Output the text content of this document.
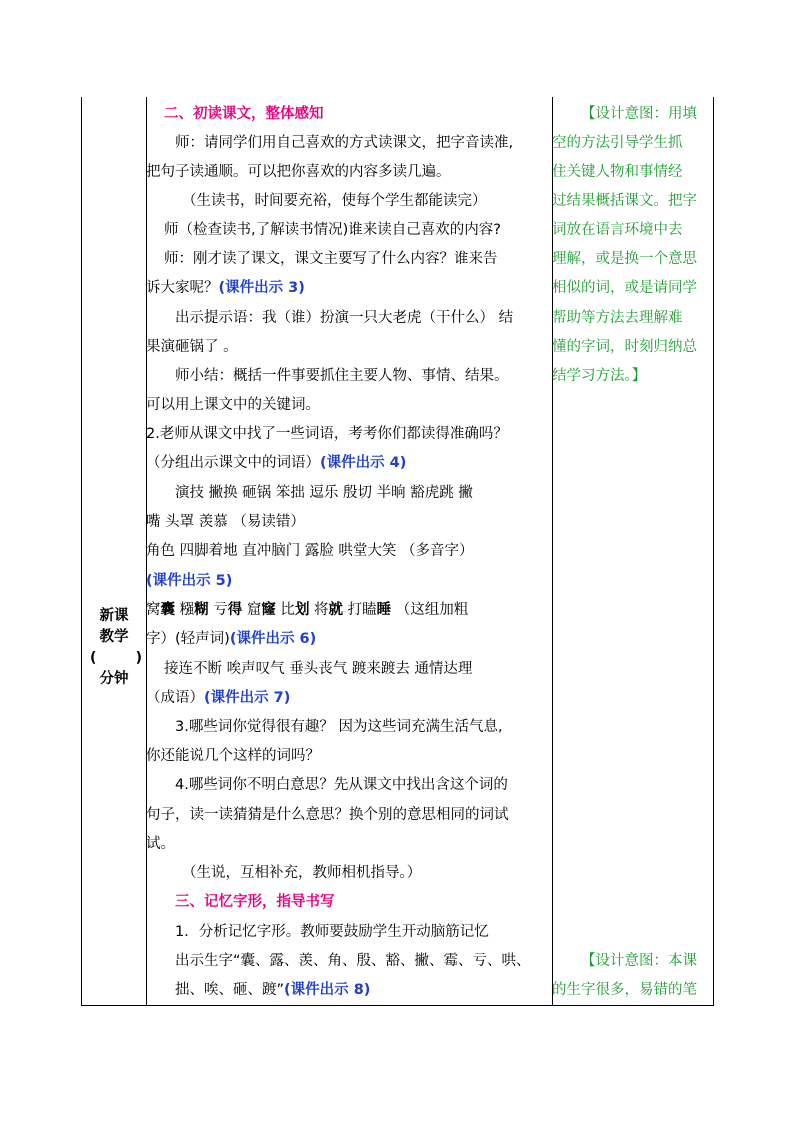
新课
教学
分钟
(	)
二、初读课文，整体感知
师：请同学们用自己喜欢的方式读课文，把字音读准,
把句子读通顺。可以把你喜欢的内容多读几遍。
（生读书，时间要充裕，使每个学生都能读完）
师（检查读书,了解读书情况)谁来读自己喜欢的内容?
师：刚才读了课文，课文主要写了什么内容？谁来告
诉大家呢？(课件出示 3)
出示提示语：我（谁）扮演一只大老虎（干什么） 结
果演砸锅了 。
师小结：概括一件事要抓住主要人物、事情、结果。
可以用上课文中的关键词。
2.老师从课文中找了一些词语，考考你们都读得准确吗？
（分组出示课文中的词语）(课件出示 4)
演技 撇换 砸锅 笨拙 逗乐 殷切 半晌 豁虎跳 撇
嘴 头罩 羡慕 （易读错）
角色 四脚着地 直冲脑门 露脸 哄堂大笑 （多音字）
(课件出示 5)
窝囊 糨糊 亏得 窟窿 比划 将就 打瞌睡 （这组加粗
字）(轻声词)(课件出示 6)
接连不断 唉声叹气 垂头丧气 踱来踱去 通情达理
（成语）(课件出示 7)
3.哪些词你觉得很有趣？ 因为这些词充满生活气息,
你还能说几个这样的词吗？
4.哪些词你不明白意思？先从课文中找出含这个词的
句子，读一读猜猜是什么意思？换个别的意思相同的词试
试。
（生说，互相补充，教师相机指导。）
三、记忆字形，指导书写
1．分析记忆字形。教师要鼓励学生开动脑筋记忆
出示生字“囊、露、羡、角、殷、豁、撇、霉、亏、哄、
拙、唉、砸、踱”(课件出示 8)
【设计意图：用填
空的方法引导学生抓
住关键人物和事情经
过结果概括课文。把字
词放在语言环境中去
理解，或是换一个意思
相似的词，或是请同学
帮助等方法去理解难
懂的字词，时刻归纳总
结学习方法。】
【设计意图：本课
的生字很多，易错的笔
